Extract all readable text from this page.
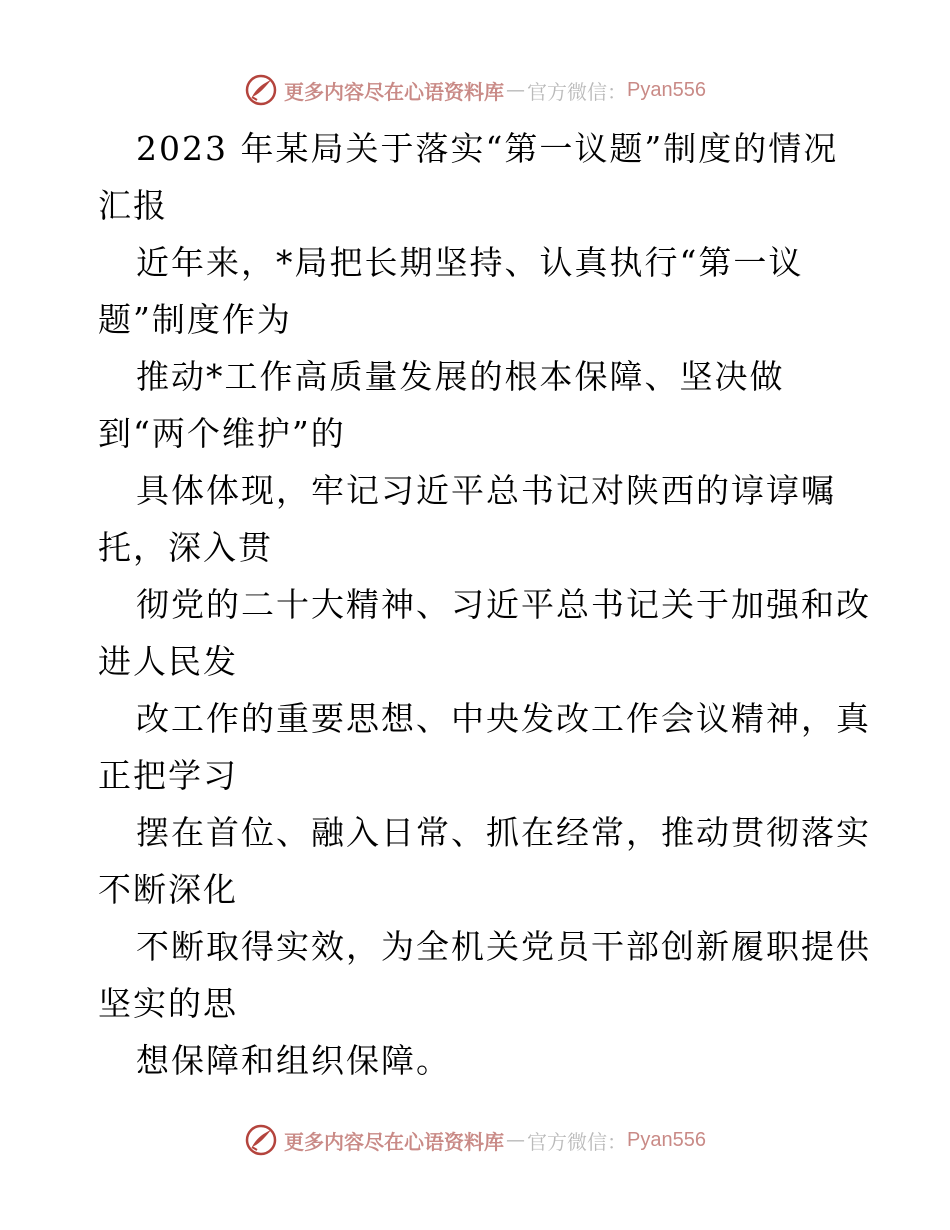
更多内容尽在心语资料库 — 官方微信： Pyan556

2023 年某局关于落实“第一议题”制度的情况

汇报

近年来，*局把长期坚持、认真执行“第一议

题”制度作为

推动*工作高质量发展的根本保障、坚决做

到“两个维护”的

具体体现，牢记习近平总书记对陕西的谆谆嘱

托，深入贯

彻党的二十大精神、习近平总书记关于加强和改

进人民发

改工作的重要思想、中央发改工作会议精神，真

正把学习

摆在首位、融入日常、抓在经常，推动贯彻落实

不断深化

不断取得实效，为全机关党员干部创新履职提供

坚实的思

想保障和组织保障。

更多内容尽在心语资料库 — 官方微信： Pyan556
